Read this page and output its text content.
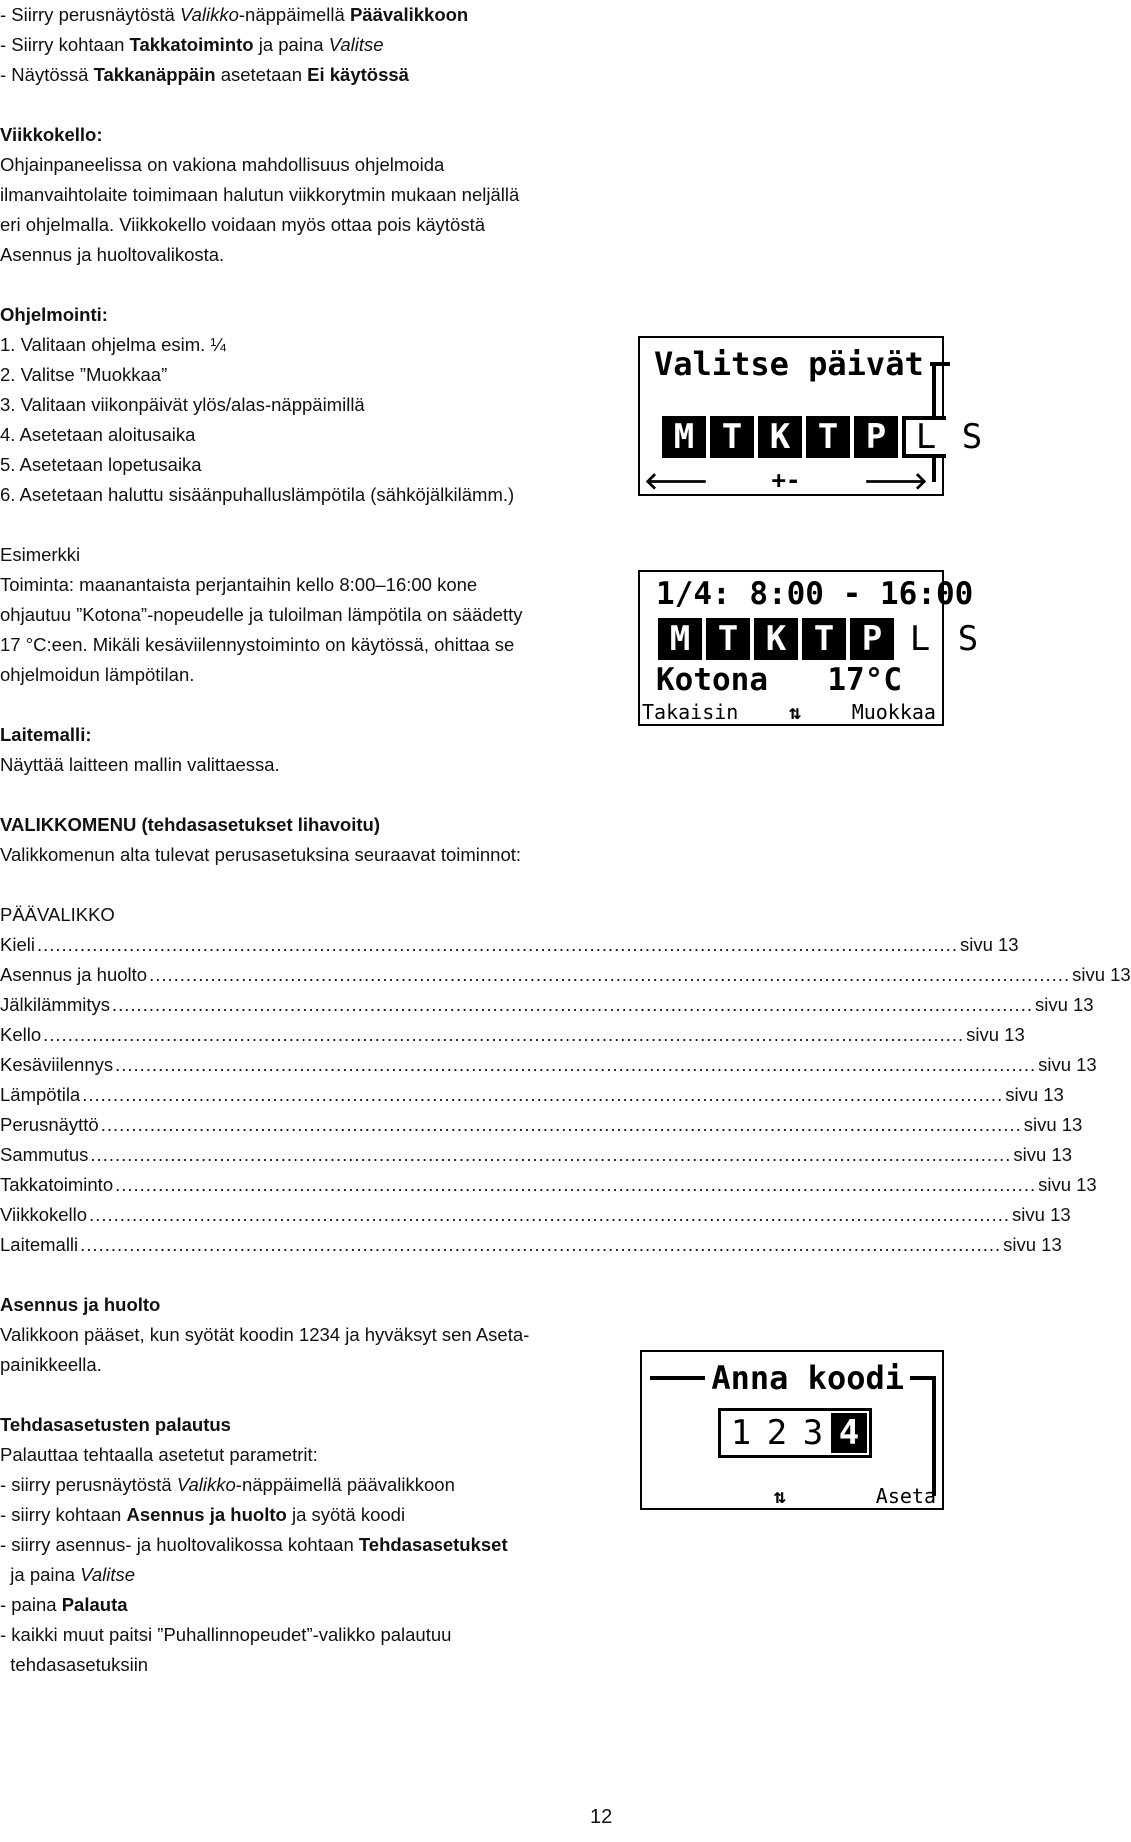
- Siirry perusnäytöstä Valikko-näppäimellä Päävalikkoon
- Siirry kohtaan Takkatoiminto ja paina Valitse
- Näytössä Takkanäppäin asetetaan Ei käytössä
Viikkokello:
Ohjainpaneelissa on vakiona mahdollisuus ohjelmoida
ilmanvaihtolaite toimimaan halutun viikkorytmin mukaan neljällä
eri ohjelmalla. Viikkokello voidaan myös ottaa pois käytöstä
Asennus ja huoltovalikosta.
Ohjelmointi:
1. Valitaan ohjelma esim. ¼
2. Valitse ”Muokkaa”
3. Valitaan viikonpäivät ylös/alas-näppäimillä
4. Asetetaan aloitusaika
5. Asetetaan lopetusaika
6. Asetetaan haluttu sisäänpuhalluslämpötila (sähköjälkilämm.)
Esimerkki
Toiminta: maanantaista perjantaihin kello 8:00–16:00 kone
ohjautuu ”Kotona”-nopeudelle ja tuloilman lämpötila on säädetty
17 °C:een. Mikäli kesäviilennystoiminto on käytössä, ohittaa se
ohjelmoidun lämpötilan.
Laitemalli:
Näyttää laitteen mallin valittaessa.
VALIKKOMENU (tehdasasetukset lihavoitu)
Valikkomenun alta tulevat perusasetuksina seuraavat toiminnot:
PÄÄVALIKKO
Kieli .....	sivu 13
Asennus ja huolto .....	sivu 13
Jälkilämmitys .....	sivu 13
Kello .....	sivu 13
Kesäviilennys .....	sivu 13
Lämpötila .....	sivu 13
Perusnäyttö .....	sivu 13
Sammutus .....	sivu 13
Takkatoiminto .....	sivu 13
Viikkokello .....	sivu 13
Laitemalli .....	sivu 13
Asennus ja huolto
Valikkoon pääset, kun syötät koodin 1234 ja hyväksyt sen Aseta-
painikkeella.
Tehdasasetusten palautus
Palauttaa tehtaalla asetetut parametrit:
- siirry perusnäytöstä Valikko-näppäimellä päävalikkoon
- siirry kohtaan Asennus ja huolto ja syötä koodi
- siirry asennus- ja huoltovalikossa kohtaan Tehdasasetukset
ja paina Valitse
- paina Palauta
- kaikki muut paitsi ”Puhallinnopeudet”-valikko palautuu
tehdasasetuksiin
Valitse päivät
M T K T P L S
🡐	+-	🡒
1/4: 8:00 - 16:00
M T K T P L S
Kotona 17°C
Takaisin	⇅	Muokkaa
Anna koodi
1 2 3 4
⇅	Aseta
12
